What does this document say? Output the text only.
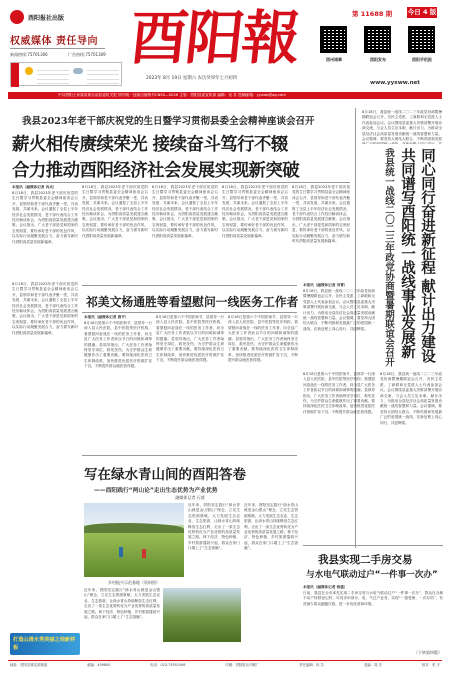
酉阳报社出版
权威媒体 责任导向
新闻热线:75701306	广告热线:75701309 酉阳報
2023年 8月 19日 星期六 农历癸卯年七月初四
第 11688 期 今日 4 版
酉州城事	酉阳发布	酉阳手机报
www.yyxww.net
中共酉阳土家族苗族自治县委机关报 国内统一连续出版物号CN50—0026 主管：酉阳县委宣传部 编辑：吴 苏 投稿邮箱：yyxwb@qq.com
我县2023年老干部庆祝党的生日暨学习贯彻县委全会精神座谈会召开
薪火相传赓续荣光 接续奋斗笃行不辍
合力推动酉阳经济社会发展实现新突破
本报讯（融媒体记者 冉灵）
8月18日，我县2023年老干部庆祝党的生日暨学习贯彻县委全会精神座谈会召开，县领导和老干部代表齐聚一堂，共话发展、共谋未来。会议通报了全县上半年经济社会发展情况，老干部代表结合工作经历畅谈体会，为酉阳高质量发展建言献策。会议指出，广大老干部是党和国家的宝贵财富，要传承好老干部的优良作风，以实际行动凝聚发展合力，奋力谱写新时代酉阳高质量发展新篇章。
8月18日，我县2023年老干部庆祝党的生日暨学习贯彻县委全会精神座谈会召开，县领导和老干部代表齐聚一堂，共话发展、共谋未来。会议通报了全县上半年经济社会发展情况，老干部代表结合工作经历畅谈体会，为酉阳高质量发展建言献策。会议指出，广大老干部是党和国家的宝贵财富，要传承好老干部的优良作风，以实际行动凝聚发展合力，奋力谱写新时代酉阳高质量发展新篇章。
8月18日，我县2023年老干部庆祝党的生日暨学习贯彻县委全会精神座谈会召开，县领导和老干部代表齐聚一堂，共话发展、共谋未来。会议通报了全县上半年经济社会发展情况，老干部代表结合工作经历畅谈体会，为酉阳高质量发展建言献策。会议指出，广大老干部是党和国家的宝贵财富，要传承好老干部的优良作风，以实际行动凝聚发展合力，奋力谱写新时代酉阳高质量发展新篇章。
8月18日，我县2023年老干部庆祝党的生日暨学习贯彻县委全会精神座谈会召开，县领导和老干部代表齐聚一堂，共话发展、共谋未来。会议通报了全县上半年经济社会发展情况，老干部代表结合工作经历畅谈体会，为酉阳高质量发展建言献策。会议指出，广大老干部是党和国家的宝贵财富，要传承好老干部的优良作风，以实际行动凝聚发展合力，奋力谱写新时代酉阳高质量发展新篇章。
8月18日，我县2023年老干部庆祝党的生日暨学习贯彻县委全会精神座谈会召开，县领导和老干部代表齐聚一堂，共话发展、共谋未来。会议通报了全县上半年经济社会发展情况，老干部代表结合工作经历畅谈体会，为酉阳高质量发展建言献策。会议指出，广大老干部是党和国家的宝贵财富，要传承好老干部的优良作风，以实际行动凝聚发展合力，奋力谱写新时代酉阳高质量发展新篇章。
8月18日，我县2023年老干部庆祝党的生日暨学习贯彻县委全会精神座谈会召开，县领导和老干部代表齐聚一堂，共话发展、共谋未来。会议通报了全县上半年经济社会发展情况，老干部代表结合工作经历畅谈体会，为酉阳高质量发展建言献策。会议指出，广大老干部是党和国家的宝贵财富，要传承好老干部的优良作风，以实际行动凝聚发展合力，奋力谱写新时代酉阳高质量发展新篇章。
8月18日，我县统一战线二〇二三年政党协商暨暑期联谊会召开，各民主党派、工商联和无党派人士代表参加会议。会议围绕县委重大决策部署开展协商交流，与会人员立足本职、献计出力，为推动全县经济社会高质量发展贡献统一战线智慧和力量。会议强调，要坚持大团结大联合，不断巩固和发展
同心同行奋进新征程 献计出力建设
共同谱写酉阳统一战线事业发展新
我县统一战线二〇二三年政党协商暨暑期联谊会召开
本报讯（融媒体记者 刘菁）
8月18日，我县统一战线二〇二三年政党协商暨暑期联谊会召开，各民主党派、工商联和无党派人士代表参加会议。会议围绕县委重大决策部署开展协商交流，与会人员立足本职、献计出力，为推动全县经济社会高质量发展贡献统一战线智慧和力量。会议强调，要坚持大团结大联合，不断巩固和发展最广泛的爱国统一战线，在新征程上同心同行、共创辉煌。
8月18日，我县统一战线二〇二三年政党协商暨暑期联谊会召开，各民主党派、工商联和无党派人士代表参加会议。会议围绕县委重大决策部署开展协商交流，与会人员立足本职、献计出力，为推动全县经济社会高质量发展贡献统一战线智慧和力量。会议强调，要坚持大团结大联合，不断巩固和发展最广泛的爱国统一战线，在新征程上同心同行、共创辉煌。
祁美文杨通胜等看望慰问一线医务工作者
本报讯（融媒体记者 唐平）
8月18日是第六个中国医师节，县领导一行深入县人民医院、县中医院等医疗机构，看望慰问奋战在一线的医务工作者，向全县广大医务工作者致以节日的问候和诚挚的感谢。县领导指出，广大医务工作者始终坚守岗位、救死扶伤，为守护群众生命健康作出了重要贡献。要持续深化医药卫生体制改革，加快推进优质医疗资源扩容下沉，不断提升群众就医获得感。
8月18日是第六个中国医师节，县领导一行深入县人民医院、县中医院等医疗机构，看望慰问奋战在一线的医务工作者，向全县广大医务工作者致以节日的问候和诚挚的感谢。县领导指出，广大医务工作者始终坚守岗位、救死扶伤，为守护群众生命健康作出了重要贡献。要持续深化医药卫生体制改革，加快推进优质医疗资源扩容下沉，不断提升群众就医获得感。
8月18日是第六个中国医师节，县领导一行深入县人民医院、县中医院等医疗机构，看望慰问奋战在一线的医务工作者，向全县广大医务工作者致以节日的问候和诚挚的感谢。县领导指出，广大医务工作者始终坚守岗位、救死扶伤，为守护群众生命健康作出了重要贡献。要持续深化医药卫生体制改革，加快推进优质医疗资源扩容下沉，不断提升群众就医获得感。
8月18日是第六个中国医师节，县领导一行深入县人民医院、县中医院等医疗机构，看望慰问奋战在一线的医务工作者，向全县广大医务工作者致以节日的问候和诚挚的感谢。县领导指出，广大医务工作者始终坚守岗位、救死扶伤，为守护群众生命健康作出了重要贡献。要持续深化医药卫生体制改革，加快推进优质医疗资源扩容下沉，不断提升群众就医获得感。
写在绿水青山间的酉阳答卷
——酉阳践行“两山论”走出生态优势为产业优势
融媒体记者 石茜
近年来，酉阳坚定践行“绿水青山就是金山银山”理念，立足生态资源禀赋，大力发展生态农业、生态旅游，让绿水青山持续释放生态红利，走出了一条生态优势转化为产业优势的高质量发展之路。林下经济、特色种植、乡村旅游蓬勃兴起，群众在家门口端上了“生态饭碗”。
近年来，酉阳坚定践行“绿水青山就是金山银山”理念，立足生态资源禀赋，大力发展生态农业、生态旅游，让绿水青山持续释放生态红利，走出了一条生态优势转化为产业优势的高质量发展之路。林下经济、特色种植、乡村旅游蓬勃兴起，群众在家门口端上了“生态饭碗”。
近年来，酉阳坚定践行“绿水青山就是金山银山”理念，立足生态资源禀赋，大力发展生态农业、生态旅游，让绿水青山持续释放生态红利，走出了一条生态优势转化为产业优势的高质量发展之路。林下经济、特色种植、乡村旅游蓬勃兴起，群众在家门口端上了“生态饭碗”。
乡村振兴示范基地（资料图）
打造山清水秀美丽之地新样板
我县实现二手房交易
与水电气联动过户“一件事一次办”
本报讯（融媒体记者 杨盛）
日前，我县在全市率先实现二手房交易与水电气联动过户“一件事一次办”，群众在办理不动产转移登记时，可同步申请水、电、气过户业务，实现“一窗受理、一次办结”，有效减少群众跑腿次数，进一步优化营商环境。
（下转第四版）
地址：酉阳县桃花源街道	邮编：409800	电话：023-75551006	印刷：酉阳报社印刷厂	责任编辑：冉 苏	美编：周 杰	校对：张 平
